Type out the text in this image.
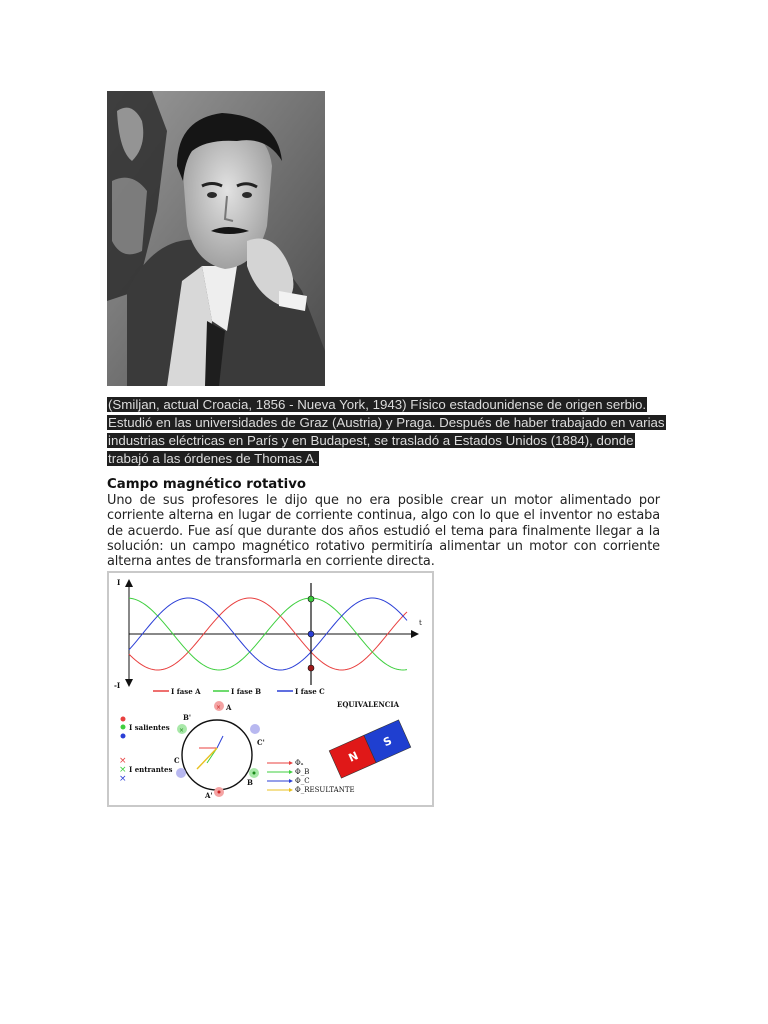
(Smiljan, actual Croacia, 1856 - Nueva York, 1943) Físico estadounidense de origen serbio. Estudió en las universidades de Graz (Austria) y Praga. Después de haber trabajado en varias industrias eléctricas en París y en Budapest, se trasladó a Estados Unidos (1884), donde trabajó a las órdenes de Thomas A.
Campo magnético rotativo

Uno de sus profesores le dijo que no era posible crear un motor alimentado por corriente alterna en lugar de corriente continua, algo con lo que el inventor no estaba de acuerdo. Fue así que durante dos años estudió el tema para finalmente llegar a la solución: un campo magnético rotativo permitiría alimentar un motor con corriente alterna antes de transformarla en corriente directa.

I
-I
t
I fase A	I fase B	I fase C
EQUIVALENCIA
I salientes
×
×
×
I entrantes
×
×
A
A'
B
B'
C
C'
Φₐ
Φ_B
Φ_C
Φ_RESULTANTE
N
S
